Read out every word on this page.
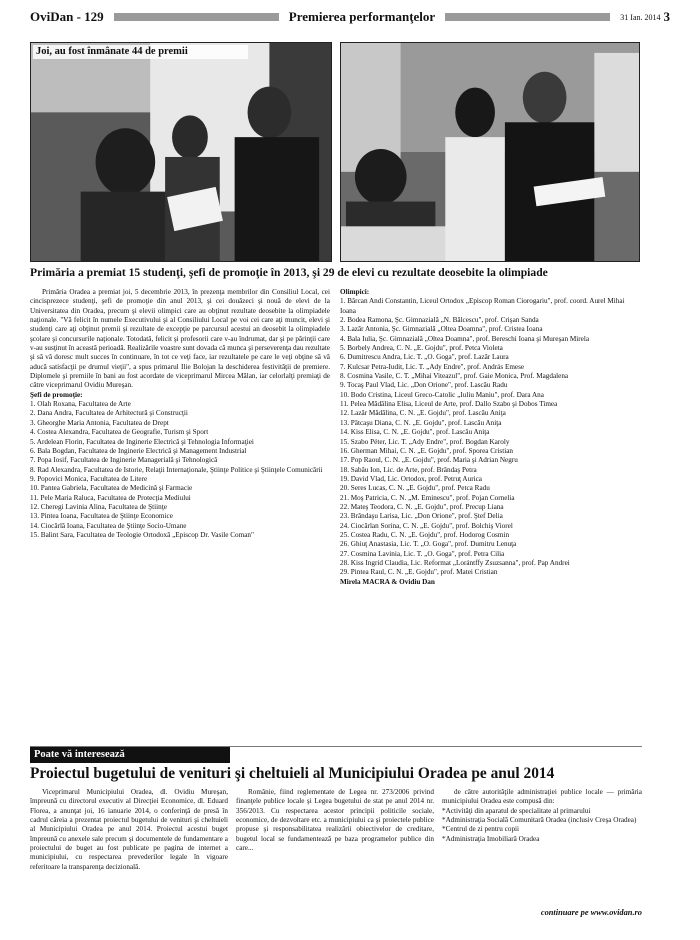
OviDan - 129	Premierea performanţelor	31 Ian. 2014 3
Joi, au fost înmânate 44 de premii
Primăria a premiat 15 studenţi, şefi de promoţie în 2013, şi 29 de elevi cu rezultate deosebite la olimpiade

Primăria Oradea a premiat joi, 5 decembrie 2013, în prezenţa membrilor din Consiliul Local, cei cincisprezece studenţi, şefi de promoţie din anul 2013, şi cei douăzeci şi nouă de elevi de la Universitatea din Oradea, precum şi elevii olimpici care au obţinut rezultate deosebite la olimpiadele naţionale. "Vă felicit în numele Executivului şi al Consiliului Local pe voi cei care aţi muncit, elevi şi studenţi care aţi obţinut premii şi rezultate de excepţie pe parcursul acestui an deosebit la olimpiadele şcolare şi concursurile naţionale. Totodată, felicit şi profesorii care v-au îndrumat, dar şi pe părinţii care v-au susţinut în această perioadă. Realizările voastre sunt dovada că munca şi perseverenţa dau rezultate şi să vă doresc mult succes în continuare, în tot ce veţi face, iar rezultatele pe care le veţi obţine să vă aducă satisfacţii pe drumul vieţii", a spus primarul Ilie Bolojan la deschiderea festivităţii de premiere. Diplomele şi premiile în bani au fost acordate de viceprimarul Mircea Mălan, iar celorlalţi premiaţi de către viceprimarul Ovidiu Mureşan.

Şefi de promoţie:
1. Olah Roxana, Facultatea de Arte
2. Dana Andra, Facultatea de Arhitectură şi Construcţii
3. Gheorghe Maria Antonia, Facultatea de Drept
4. Costea Alexandra, Facultatea de Geografie, Turism şi Sport
5. Ardelean Florin, Facultatea de Inginerie Electrică şi Tehnologia Informaţiei
6. Bala Bogdan, Facultatea de Inginerie Electrică şi Management Industrial
7. Popa Iosif, Facultatea de Inginerie Managerială şi Tehnologică
8. Rad Alexandra, Facultatea de Istorie, Relaţii Internaţionale, Ştiinţe Politice şi Ştiinţele Comunicării
9. Popovici Monica, Facultatea de Litere
10. Pantea Gabriela, Facultatea de Medicină şi Farmacie
11. Pele Maria Raluca, Facultatea de Protecţia Mediului
12. Cheregi Lavinia Alina, Facultatea de Ştiinţe
13. Pintea Ioana, Facultatea de Ştiinţe Economice
14. Ciocârlă Ioana, Facultatea de Ştiinţe Socio-Umane
15. Balint Sara, Facultatea de Teologie Ortodoxă „Episcop Dr. Vasile Coman"
Olimpici:
1. Bărcan Andi Constantin, Liceul Ortodox „Episcop Roman Ciorogariu", prof. coord. Aurel Mihai Ioana
2. Bodea Ramona, Şc. Gimnazială „N. Bălcescu", prof. Crişan Sanda
3. Lazăr Antonia, Şc. Gimnazială „Oltea Doamna", prof. Cristea Ioana
4. Bala Iulia, Şc. Gimnazială „Oltea Doamna", prof. Bereschi Ioana şi Mureşan Mirela
5. Borbely Andrea, C. N. „E. Gojdu", prof. Petca Violeta
6. Dumitrescu Andra, Lic. T. „O. Goga", prof. Lazăr Laura
7. Kulcsar Petra-Iudit, Lic. T. „Ady Endre", prof. András Emese
8. Cosmina Vasile, C. T. „Mihai Viteazul", prof. Gaie Monica, Prof. Magdalena
9. Tocaş Paul Vlad, Lic. „Don Orione", prof. Lascău Radu
10. Bodo Cristina, Liceul Greco-Catolic „Iuliu Maniu", prof. Dara Ana
11. Pelea Mădălina Elisa, Liceul de Arte, prof. Dallo Szabo şi Dobos Timea
12. Lazăr Mădălina, C. N. „E. Gojdu", prof. Lascău Aniţa
13. Pâtcaşu Diana, C. N. „E. Gojdu", prof. Lascău Aniţa
14. Kiss Elisa, C. N. „E. Gojdu", prof. Lascău Aniţa
15. Szabo Péter, Lic. T. „Ady Endre", prof. Bogdan Karoly
16. Gherman Mihai, C. N. „E. Gojdu", prof. Sporea Cristian
17. Pop Raoul, C. N. „E. Gojdu", prof. Maria şi Adrian Negru
18. Sabău Ion, Lic. de Arte, prof. Brândaş Petra
19. David Vlad, Lic. Ortodox, prof. Petruţ Aurica
20. Seres Lucas, C. N. „E. Gojdu", prof. Petca Radu
21. Moş Patricia, C. N. „M. Eminescu", prof. Pojan Cornelia
22. Mateş Teodora, C. N. „E. Gojdu", prof. Precup Liana
23. Brândaşu Larisa, Lic. „Don Orione", prof. Ştef Delia
24. Ciocârlan Sorina, C. N. „E. Gojdu", prof. Bolchiş Viorel
25. Costea Radu, C. N. „E. Gojdu", prof. Hodorog Cosmin
26. Ghiuţ Anastasia, Lic. T. „O. Goga", prof. Dumitru Lenuţa
27. Cosmina Lavinia, Lic. T. „O. Goga", prof. Petra Cilia
28. Kiss Ingrid Claudia, Lic. Reformat „Lorántffy Zsuzsanna", prof. Pap Andrei
29. Pintea Raul, C. N. „E. Gojdu", prof. Matei Cristian
Mirela MACRA & Ovidiu Dan
Poate vă interesează
Proiectul bugetului de venituri şi cheltuieli al Municipiului Oradea pe anul 2014

Viceprimarul Municipiului Oradea, dl. Ovidiu Mureşan, împreună cu directorul executiv al Direcţiei Economice, dl. Eduard Florea, a anunţat joi, 16 ianuarie 2014, o conferinţă de presă în cadrul căreia a prezentat proiectul bugetului de venituri şi cheltuieli al Municipiului Oradea pe anul 2014. Proiectul acestui buget împreună cu anexele sale precum şi documentele de fundamentare a proiectului de buget au fost publicate pe pagina de internet a municipiului, cu respectarea prevederilor legale în vigoare referitoare la transparenţa decizională.

Românie, fiind reglementate de Legea nr. 273/2006 privind finanţele publice locale şi Legea bugetului de stat pe anul 2014 nr. 356/2013. Cu respectarea acestor principii politicile sociale, economice, de dezvoltare etc. a municipiului ca şi proiectele publice propuse şi responsabilitatea realizării obiectivelor de creditare, bugetul local se fundamentează pe baza programelor publice din care...

de către autorităţile administraţiei publice locale — primăria municipiului Oradea este compusă din:

• *Activităţi din aparatul de specialitate al primarului
• *Administraţia Socială Comunitară Oradea (inclusiv Creşa Oradea)
• *Centrul de zi pentru copii
• *Administraţia Imobiliară Oradea
continuare pe www.ovidan.ro
